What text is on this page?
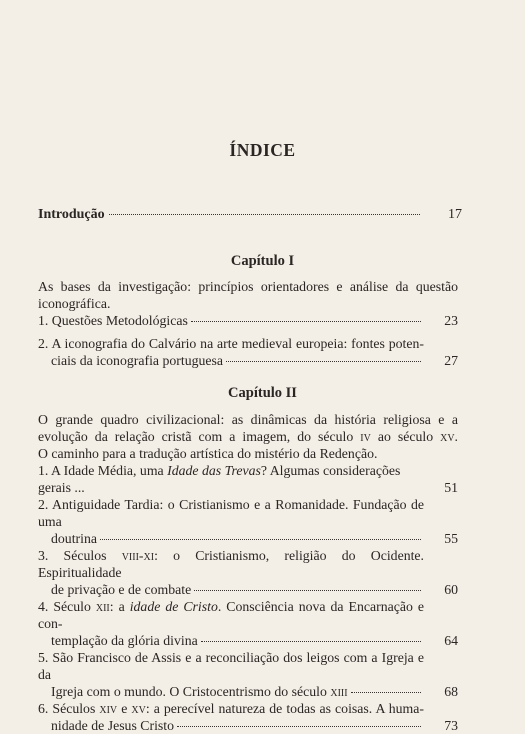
ÍNDICE
Introdução	17
Capítulo I
As bases da investigação: princípios orientadores e análise da questão
iconográfica.
1. Questões Metodológicas	23
2. A iconografia do Calvário na arte medieval europeia: fontes poten-
ciais da iconografia portuguesa	27
Capítulo II
O grande quadro civilizacional: as dinâmicas da história religiosa e a
evolução da relação cristã com a imagem, do século iv ao século xv.
O caminho para a tradução artística do mistério da Redenção.
1. A Idade Média, uma Idade das Trevas? Algumas considerações gerais ...	51
2. Antiguidade Tardia: o Cristianismo e a Romanidade. Fundação de uma
doutrina	55
3. Séculos viii-xi: o Cristianismo, religião do Ocidente. Espiritualidade
de privação e de combate	60
4. Século xii: a idade de Cristo. Consciência nova da Encarnação e con-
templação da glória divina	64
5. São Francisco de Assis e a reconciliação dos leigos com a Igreja e da
Igreja com o mundo. O Cristocentrismo do século xiii	68
6. Séculos xiv e xv: a perecível natureza de todas as coisas. A huma-
nidade de Jesus Cristo	73
